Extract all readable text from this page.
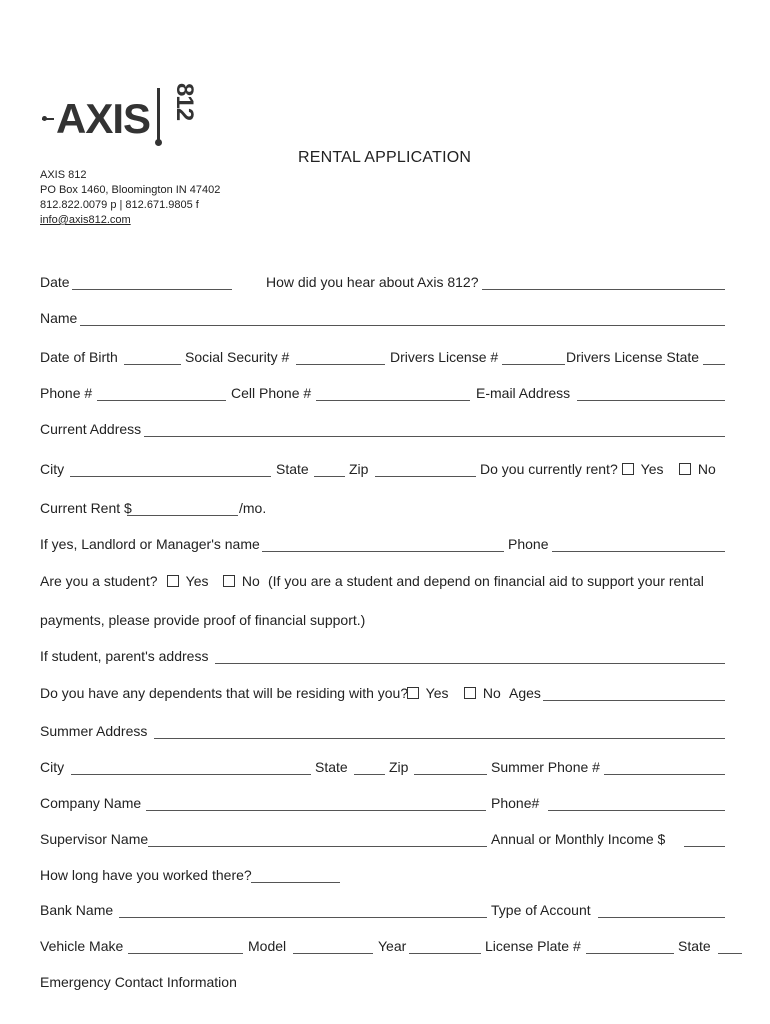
AXIS 812
RENTAL APPLICATION
AXIS 812
PO Box 1460, Bloomington IN 47402
812.822.0079 p | 812.671.9805 f
info@axis812.com
Date	How did you hear about Axis 812?
Name
Date of Birth	Social Security #	Drivers License #	Drivers License State
Phone #	Cell Phone #	E-mail Address
Current Address
City	State	Zip	Do you currently rent?	Yes	No
Current Rent $	/mo.
If yes, Landlord or Manager's name	Phone
Are you a student?	Yes	No (If you are a student and depend on financial aid to support your rental
payments, please provide proof of financial support.)
If student, parent's address
Do you have any dependents that will be residing with you?	Yes	No Ages
Summer Address
City	State	Zip	Summer Phone #
Company Name	Phone#
Supervisor Name	Annual or Monthly Income $
How long have you worked there?
Bank Name	Type of Account
Vehicle Make	Model	Year	License Plate #	State
Emergency Contact Information
